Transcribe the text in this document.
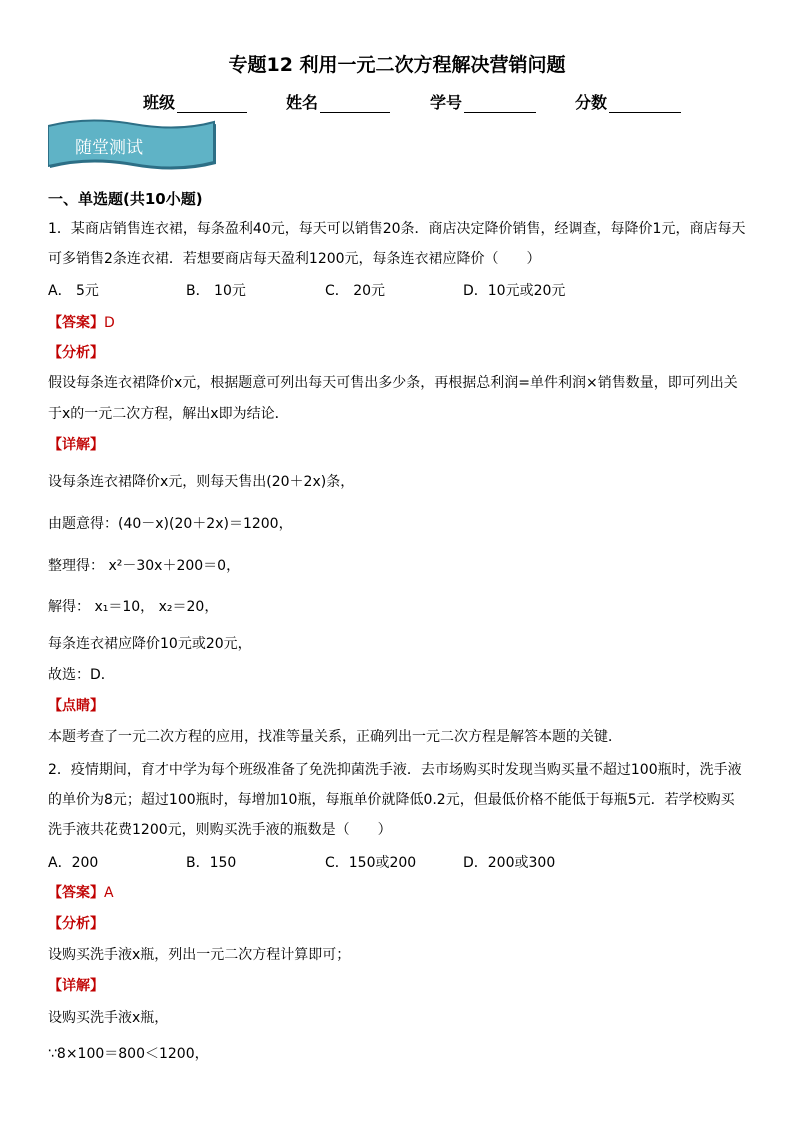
专题12 利用一元二次方程解决营销问题
班级	姓名	学号	分数
随堂测试
一、单选题(共10小题)
1．某商店销售连衣裙，每条盈利40元，每天可以销售20条．商店决定降价销售，经调查，每降价1元，商店每天
可多销售2条连衣裙．若想要商店每天盈利1200元，每条连衣裙应降价（　　）
A． 5元	B． 10元	C． 20元	D．10元或20元
【答案】D
【分析】
假设每条连衣裙降价x元，根据题意可列出每天可售出多少条，再根据总利润=单件利润×销售数量，即可列出关
于x的一元二次方程，解出x即为结论．
【详解】
设每条连衣裙降价x元，则每天售出(20＋2x)条，
由题意得：(40－x)(20＋2x)＝1200，
整理得： x²－30x＋200＝0，
解得： x₁＝10， x₂＝20，
每条连衣裙应降价10元或20元，
故选：D．
【点睛】
本题考查了一元二次方程的应用，找准等量关系，正确列出一元二次方程是解答本题的关键．
2．疫情期间，育才中学为每个班级准备了免洗抑菌洗手液．去市场购买时发现当购买量不超过100瓶时，洗手液
的单价为8元；超过100瓶时，每增加10瓶，每瓶单价就降低0.2元，但最低价格不能低于每瓶5元．若学校购买
洗手液共花费1200元，则购买洗手液的瓶数是（　　）
A．200	B．150	C．150或200	D．200或300
【答案】A
【分析】
设购买洗手液x瓶，列出一元二次方程计算即可；
【详解】
设购买洗手液x瓶，
∵8×100＝800＜1200，
